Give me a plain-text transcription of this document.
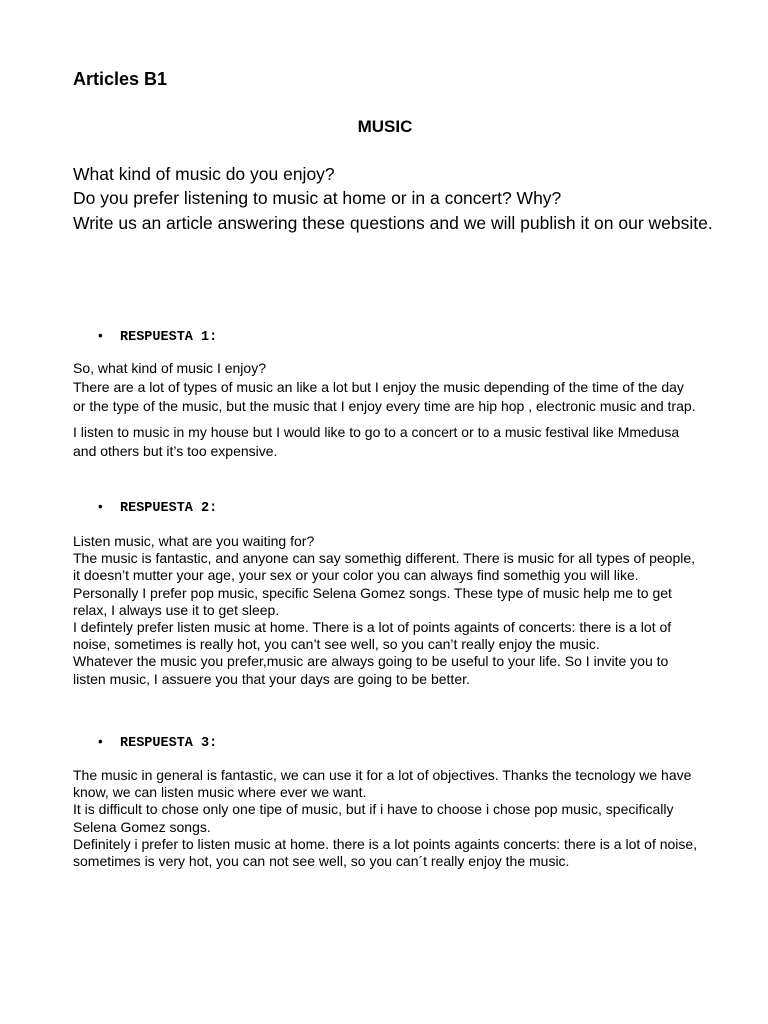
Articles B1
MUSIC

What kind of music do you enjoy?

Do you prefer listening to music at home or in a concert? Why?

Write us an article answering these questions and we will publish it on our website.

• RESPUESTA 1:

So, what kind of music I enjoy?

There are a lot of types of music an like a lot but I enjoy the music depending of the time of the day or the type of the music, but the music that I enjoy every time are hip hop , electronic music and trap.

I listen to music in my house but I would like to go to a concert or to a music festival like Mmedusa and others but it’s too expensive.

• RESPUESTA 2:

Listen music, what are you waiting for?

The music is fantastic, and anyone can say somethig different. There is music for all types of people, it doesn’t mutter your age, your sex or your color you can always find somethig you will like.

Personally I prefer pop music, specific Selena Gomez songs. These type of music help me to get relax, I always use it to get sleep.

I defintely prefer listen music at home. There is a lot of points againts of concerts: there is a lot of noise, sometimes is really hot, you can’t see well, so you can’t really enjoy the music.

Whatever the music you prefer,music are always going to be useful to your life. So I invite you to listen music, I assuere you that your days are going to be better.

• RESPUESTA 3:

The music in general is fantastic, we can use it for a lot of objectives. Thanks the tecnology we have know, we can listen music where ever we want.

It is difficult to chose only one tipe of music, but if i have to choose i chose pop music, specifically Selena Gomez songs.

Definitely i prefer to listen music at home. there is a lot points againts concerts: there is a lot of noise, sometimes is very hot, you can not see well, so you can´t really enjoy the music.
